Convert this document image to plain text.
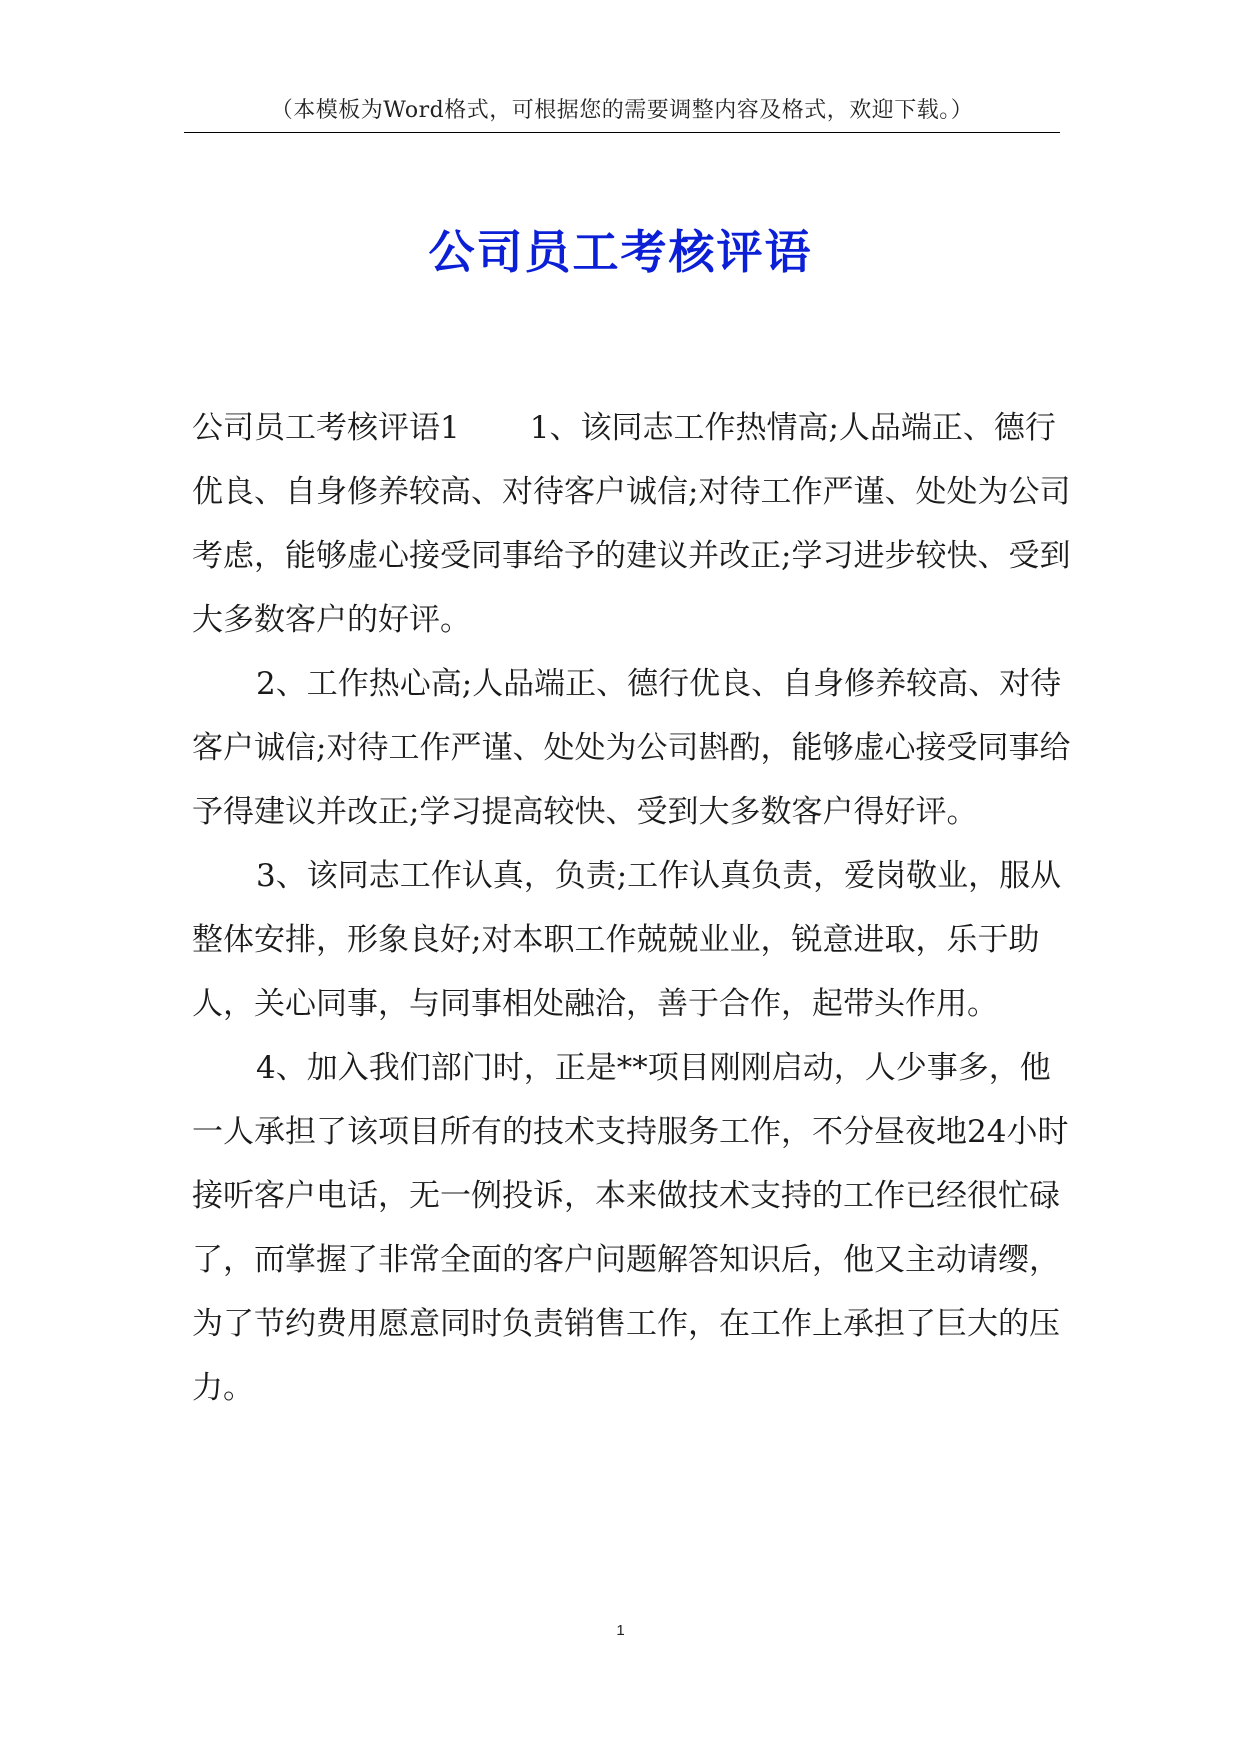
（本模板为Word格式，可根据您的需要调整内容及格式，欢迎下载。）
公司员工考核评语

公司员工考核评语1 1、该同志工作热情高;人品端正、德行优良、自身修养较高、对待客户诚信;对待工作严谨、处处为公司考虑，能够虚心接受同事给予的建议并改正;学习进步较快、受到大多数客户的好评。

2、工作热心高;人品端正、德行优良、自身修养较高、对待客户诚信;对待工作严谨、处处为公司斟酌，能够虚心接受同事给予得建议并改正;学习提高较快、受到大多数客户得好评。

3、该同志工作认真，负责;工作认真负责，爱岗敬业，服从整体安排，形象良好;对本职工作兢兢业业，锐意进取，乐于助人，关心同事，与同事相处融洽，善于合作，起带头作用。

4、加入我们部门时，正是**项目刚刚启动，人少事多，他一人承担了该项目所有的技术支持服务工作，不分昼夜地24小时接听客户电话，无一例投诉，本来做技术支持的工作已经很忙碌了，而掌握了非常全面的客户问题解答知识后，他又主动请缨，为了节约费用愿意同时负责销售工作，在工作上承担了巨大的压力。

1
